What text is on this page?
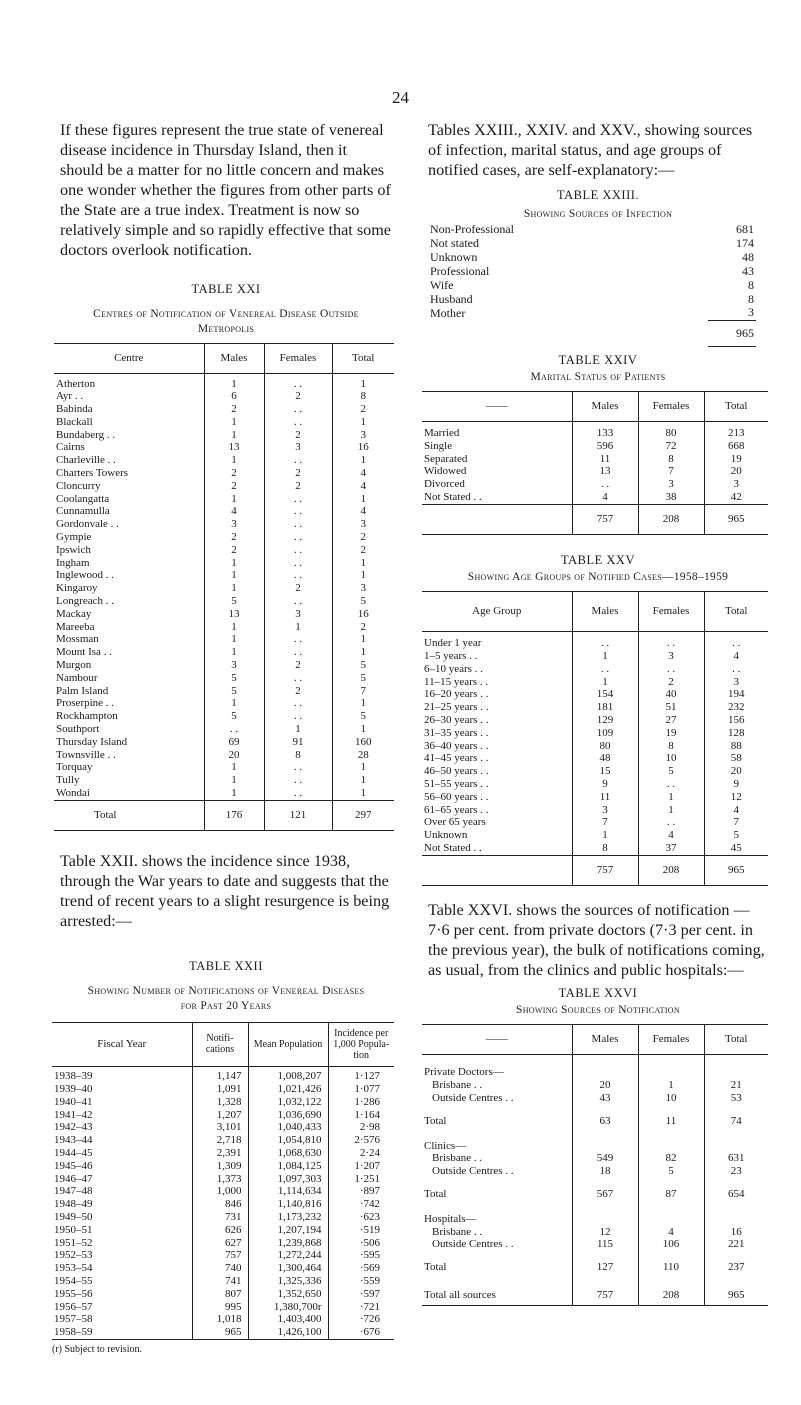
24

If these figures represent the true state of venereal disease incidence in Thursday Island, then it should be a matter for no little concern and makes one wonder whether the figures from other parts of the State are a true index. Treatment is now so relatively simple and so rapidly effective that some doctors overlook notification.

TABLE XXI
Centres of Notification of Venereal Disease Outside Metropolis
Centre	Males	Females	Total

Atherton	1	. .	1
Ayr . .	6	2	8
Babinda	2	. .	2
Blackall	1	. .	1
Bundaberg . .	1	2	3
Cairns	13	3	16
Charleville . .	1	. .	1
Charters Towers	2	2	4
Cloncurry	2	2	4
Coolangatta	1	. .	1
Cunnamulla	4	. .	4
Gordonvale . .	3	. .	3
Gympie	2	. .	2
Ipswich	2	. .	2
Ingham	1	. .	1
Inglewood . .	1	. .	1
Kingaroy	1	2	3
Longreach . .	5	. .	5
Mackay	13	3	16
Mareeba	1	1	2
Mossman	1	. .	1
Mount Isa . .	1	. .	1
Murgon	3	2	5
Nambour	5	. .	5
Palm Island	5	2	7
Proserpine . .	1	. .	1
Rockhampton	5	. .	5
Southport	. .	1	1
Thursday Island	69	91	160
Townsville . .	20	8	28
Torquay	1	. .	1
Tully	1	. .	1
Wondai	1	. .	1
Total	176	121	297

Table XXII. shows the incidence since 1938, through the War years to date and suggests that the trend of recent years to a slight resurgence is being arrested:—

TABLE XXII
Showing Number of Notifications of Venereal Diseases for Past 20 Years
Fiscal Year	Notifi-cations	Mean Population	Incidence per 1,000 Popula-tion

1938–39	1,147	1,008,207	1·127
1939–40	1,091	1,021,426	1·077
1940–41	1,328	1,032,122	1·286
1941–42	1,207	1,036,690	1·164
1942–43	3,101	1,040,433	2·98
1943–44	2,718	1,054,810	2·576
1944–45	2,391	1,068,630	2·24
1945–46	1,309	1,084,125	1·207
1946–47	1,373	1,097,303	1·251
1947–48	1,000	1,114,634	·897
1948–49	846	1,140,816	·742
1949–50	731	1,173,232	·623
1950–51	626	1,207,194	·519
1951–52	627	1,239,868	·506
1952–53	757	1,272,244	·595
1953–54	740	1,300,464	·569
1954–55	741	1,325,336	·559
1955–56	807	1,352,650	·597
1956–57	995	1,380,700r	·721
1957–58	1,018	1,403,400	·726
1958–59	965	1,426,100	·676
(r) Subject to revision.

Tables XXIII., XXIV. and XXV., showing sources of infection, marital status, and age groups of notified cases, are self-explanatory:—

TABLE XXIII.
Showing Sources of Infection
Non-Professional	681
Not stated	174
Unknown	48
Professional	43
Wife	8
Husband	8
Mother	3
	965
TABLE XXIV
Marital Status of Patients
——	Males	Females	Total

Married	133	80	213
Single	596	72	668
Separated	11	8	19
Widowed	13	7	20
Divorced	. .	3	3
Not Stated . .	4	38	42
	757	208	965
TABLE XXV
Showing Age Groups of Notified Cases—1958–1959
Age Group	Males	Females	Total

Under 1 year	. .	. .	. .
1–5 years . .	1	3	4
6–10 years . .	. .	. .	. .
11–15 years . .	1	2	3
16–20 years . .	154	40	194
21–25 years . .	181	51	232
26–30 years . .	129	27	156
31–35 years . .	109	19	128
36–40 years . .	80	8	88
41–45 years . .	48	10	58
46–50 years . .	15	5	20
51–55 years . .	9	. .	9
56–60 years . .	11	1	12
61–65 years . .	3	1	4
Over 65 years	7	. .	7
Unknown	1	4	5
Not Stated . .	8	37	45
	757	208	965

Table XXVI. shows the sources of notification —7·6 per cent. from private doctors (7·3 per cent. in the previous year), the bulk of notifications coming, as usual, from the clinics and public hospitals:—

TABLE XXVI
Showing Sources of Notification
——	Males	Females	Total

Private Doctors—			
Brisbane . .	20	1	21
Outside Centres . .	43	10	53

Total	63	11	74

Clinics—			
Brisbane . .	549	82	631
Outside Centres . .	18	5	23

Total	567	87	654

Hospitals—			
Brisbane . .	12	4	16
Outside Centres . .	115	106	221

Total	127	110	237

Total all sources	757	208	965
